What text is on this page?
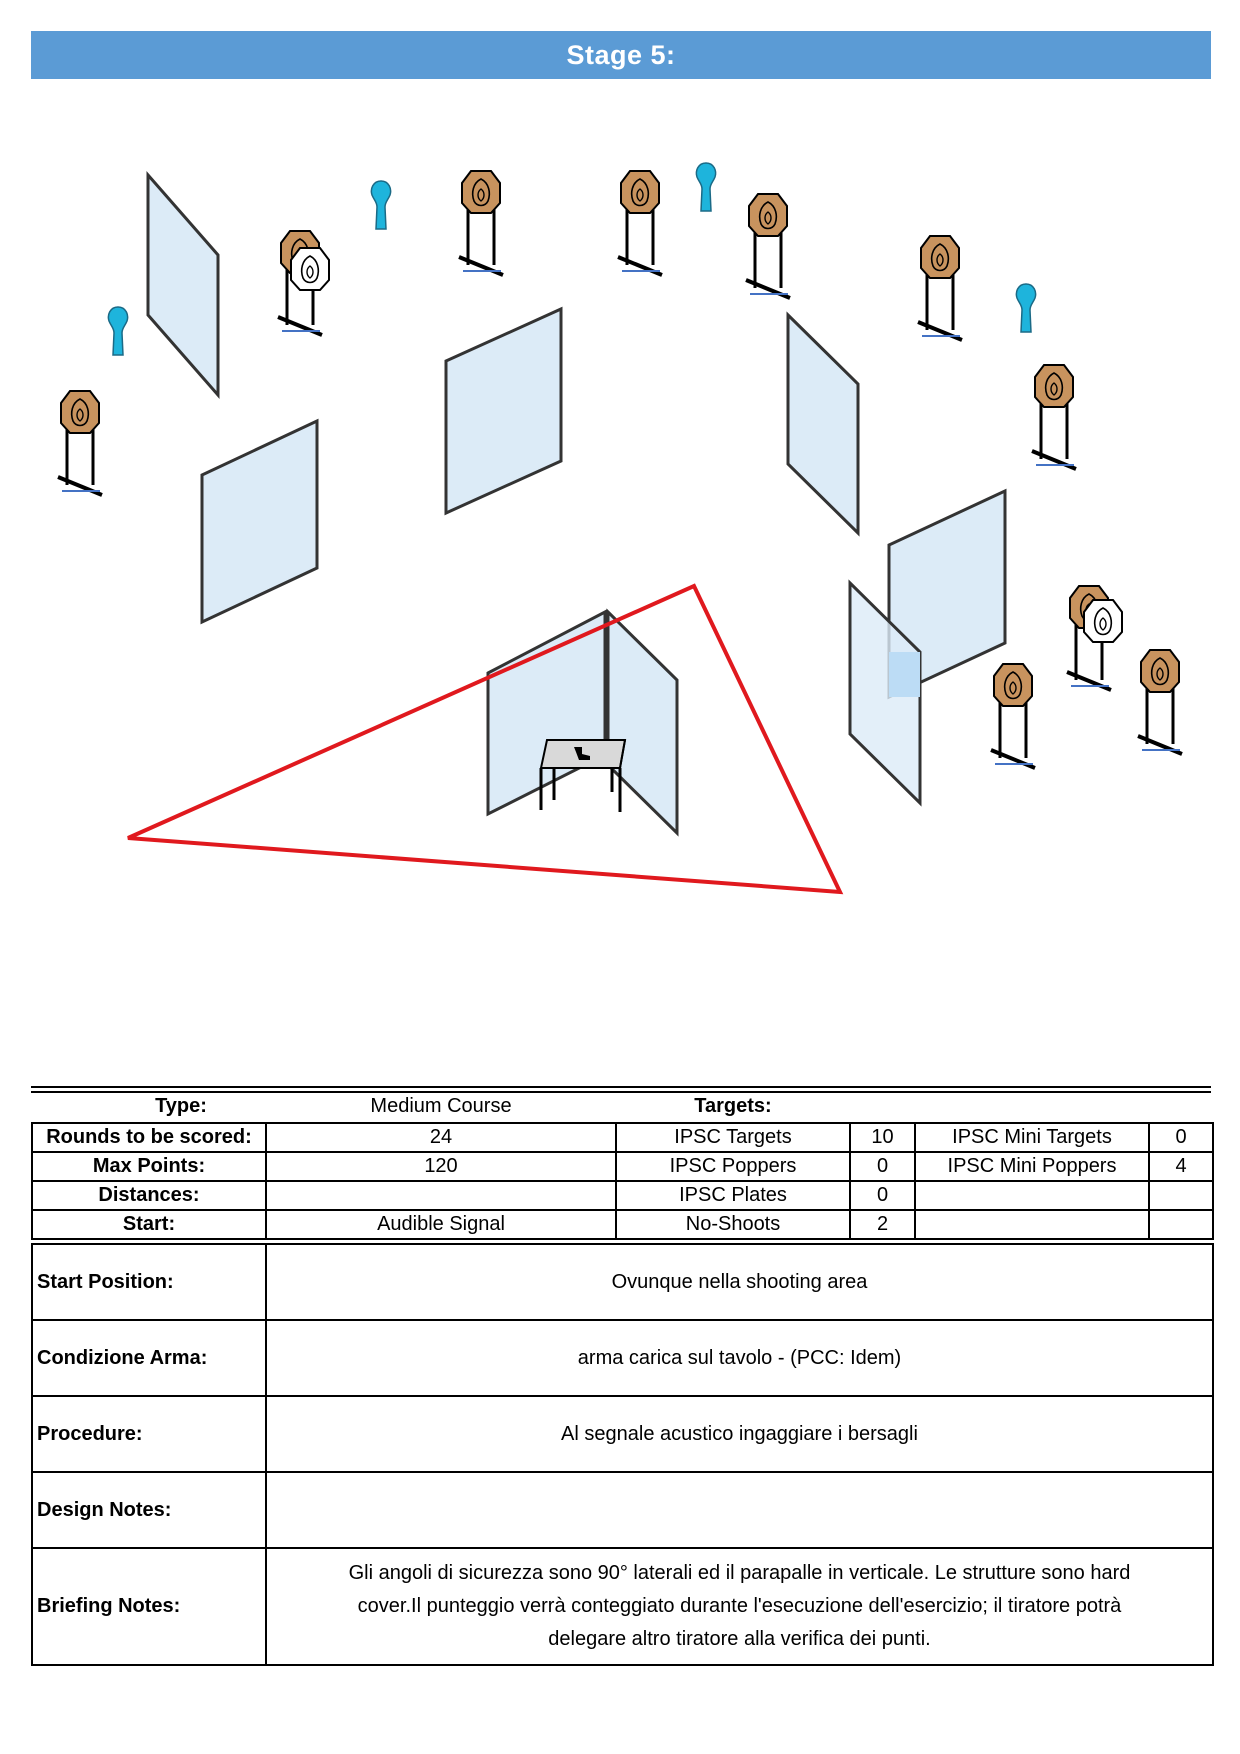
Stage 5:
Type:	Medium Course	Targets:
Rounds to be scored:	24	IPSC Targets	10	IPSC Mini Targets	0
Max Points:	120	IPSC Poppers	0	IPSC Mini Poppers	4
Distances:		IPSC Plates	0		
Start:	Audible Signal	No-Shoots	2		
Start Position:	Ovunque nella shooting area
Condizione Arma:	arma carica sul tavolo - (PCC: Idem)
Procedure:	Al segnale acustico ingaggiare i bersagli
Design Notes:	
Briefing Notes:	Gli angoli di sicurezza sono 90° laterali ed il parapalle in verticale. Le strutture sono hard
cover.Il punteggio verrà conteggiato durante l'esecuzione dell'esercizio; il tiratore potrà
delegare altro tiratore alla verifica dei punti.
